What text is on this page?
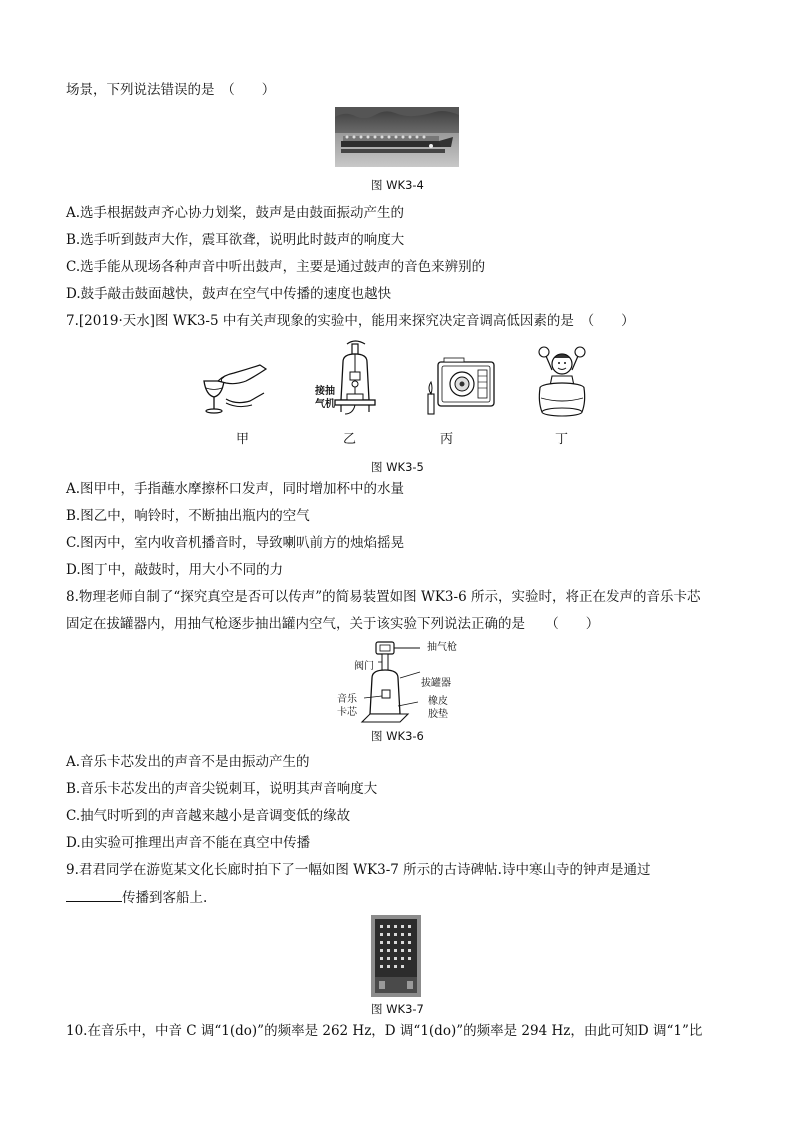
场景，下列说法错误的是　（　　）
图 WK3-4
A.选手根据鼓声齐心协力划桨，鼓声是由鼓面振动产生的
B.选手听到鼓声大作，震耳欲聋，说明此时鼓声的响度大
C.选手能从现场各种声音中听出鼓声，主要是通过鼓声的音色来辨别的
D.鼓手敲击鼓面越快，鼓声在空气中传播的速度也越快
7.[2019·天水]图 WK3-5 中有关声现象的实验中，能用来探究决定音调高低因素的是　（　　）
接抽
气机
甲	乙	丙	丁
图 WK3-5
A.图甲中，手指蘸水摩擦杯口发声，同时增加杯中的水量
B.图乙中，响铃时，不断抽出瓶内的空气
C.图丙中，室内收音机播音时，导致喇叭前方的烛焰摇晃
D.图丁中，敲鼓时，用大小不同的力
8.物理老师自制了“探究真空是否可以传声”的简易装置如图 WK3-6 所示，实验时，将正在发声的音乐卡芯
固定在拔罐器内，用抽气枪逐步抽出罐内空气，关于该实验下列说法正确的是　　（　　）
抽气枪
阀门
拔罐器
音乐
卡芯
橡皮
胶垫
图 WK3-6
A.音乐卡芯发出的声音不是由振动产生的
B.音乐卡芯发出的声音尖锐刺耳，说明其声音响度大
C.抽气时听到的声音越来越小是音调变低的缘故
D.由实验可推理出声音不能在真空中传播
9.君君同学在游览某文化长廊时拍下了一幅如图 WK3-7 所示的古诗碑帖.诗中寒山寺的钟声是通过
传播到客船上.
图 WK3-7
10.在音乐中，中音 C 调“1(do)”的频率是 262 Hz，D 调“1(do)”的频率是 294 Hz，由此可知D 调“1”比
